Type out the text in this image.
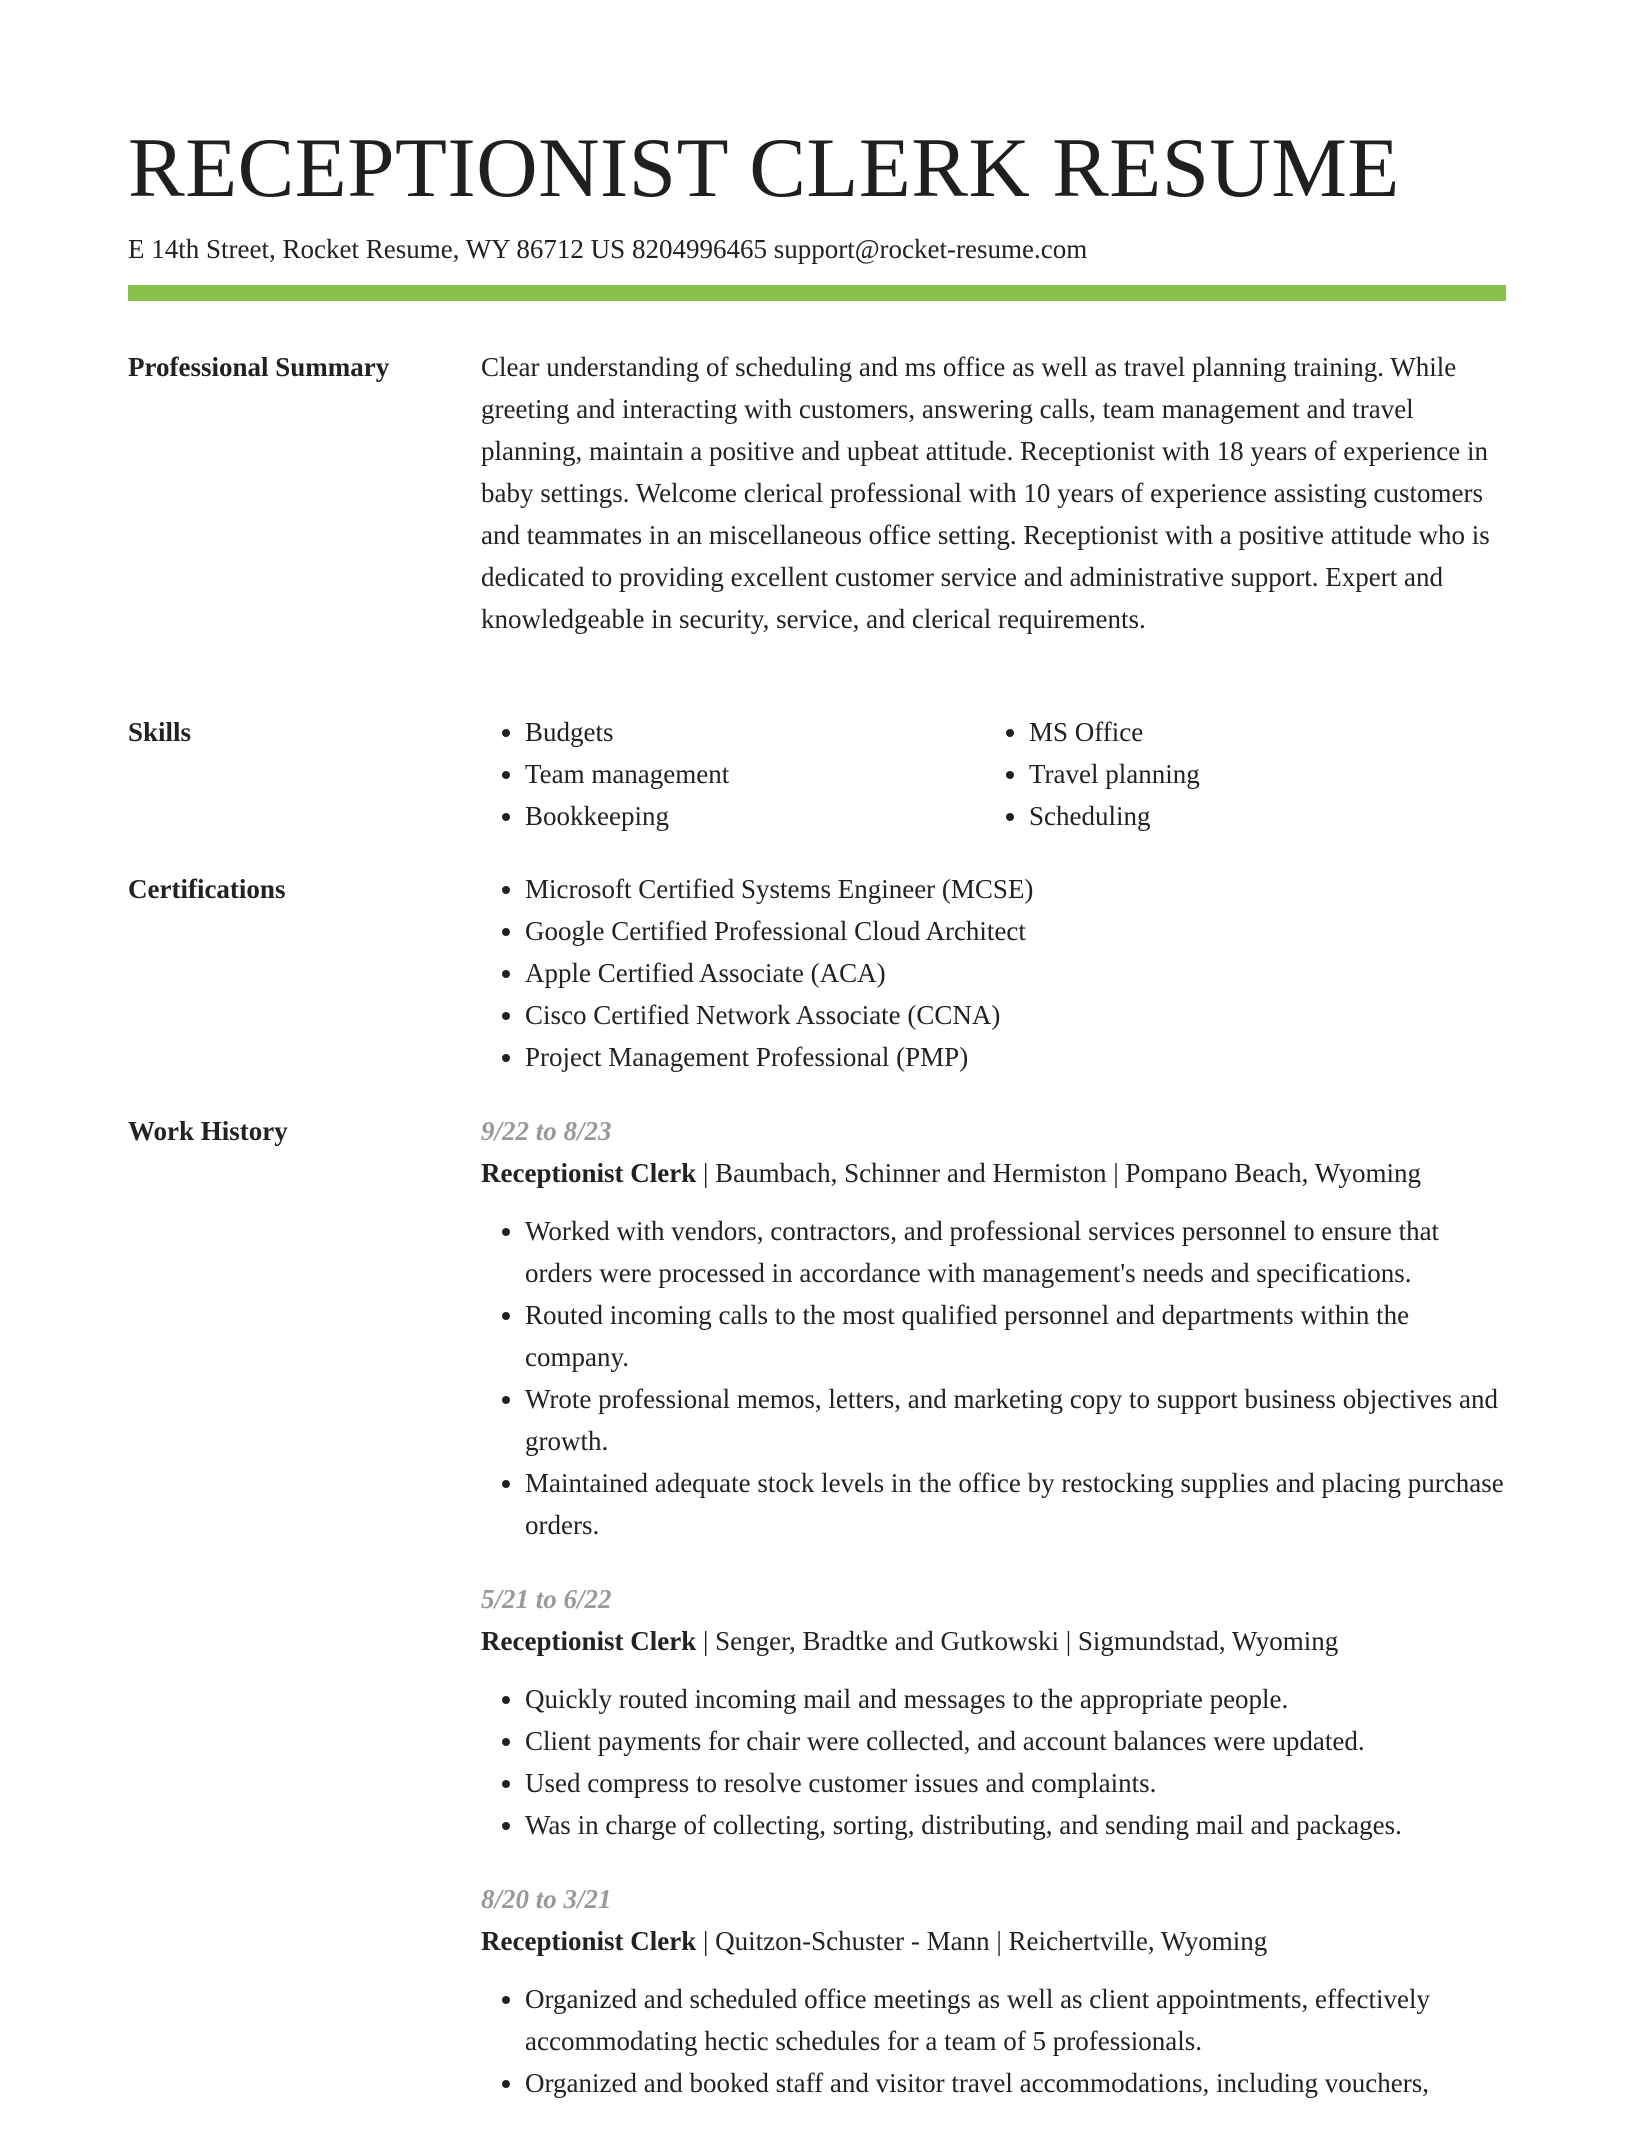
RECEPTIONIST CLERK RESUME
E 14th Street, Rocket Resume, WY 86712 US 8204996465 support@rocket-resume.com
Professional Summary	Clear understanding of scheduling and ms office as well as travel planning training. While greeting and interacting with customers, answering calls, team management and travel planning, maintain a positive and upbeat attitude. Receptionist with 18 years of experience in baby settings. Welcome clerical professional with 10 years of experience assisting customers and teammates in an miscellaneous office setting. Receptionist with a positive attitude who is dedicated to providing excellent customer service and administrative support. Expert and knowledgeable in security, service, and clerical requirements.

Skills	• Budgets
• Team management
• Bookkeeping
• MS Office
• Travel planning
• Scheduling
Certifications	• Microsoft Certified Systems Engineer (MCSE)
• Google Certified Professional Cloud Architect
• Apple Certified Associate (ACA)
• Cisco Certified Network Associate (CCNA)
• Project Management Professional (PMP)
Work History	9/22 to 8/23
Receptionist Clerk | Baumbach, Schinner and Hermiston | Pompano Beach, Wyoming
• Worked with vendors, contractors, and professional services personnel to ensure that orders were processed in accordance with management's needs and specifications.
• Routed incoming calls to the most qualified personnel and departments within the company.
• Wrote professional memos, letters, and marketing copy to support business objectives and growth.
• Maintained adequate stock levels in the office by restocking supplies and placing purchase orders.
5/21 to 6/22
Receptionist Clerk | Senger, Bradtke and Gutkowski | Sigmundstad, Wyoming
• Quickly routed incoming mail and messages to the appropriate people.
• Client payments for chair were collected, and account balances were updated.
• Used compress to resolve customer issues and complaints.
• Was in charge of collecting, sorting, distributing, and sending mail and packages.
8/20 to 3/21
Receptionist Clerk | Quitzon-Schuster - Mann | Reichertville, Wyoming
• Organized and scheduled office meetings as well as client appointments, effectively accommodating hectic schedules for a team of 5 professionals.
• Organized and booked staff and visitor travel accommodations, including vouchers,
